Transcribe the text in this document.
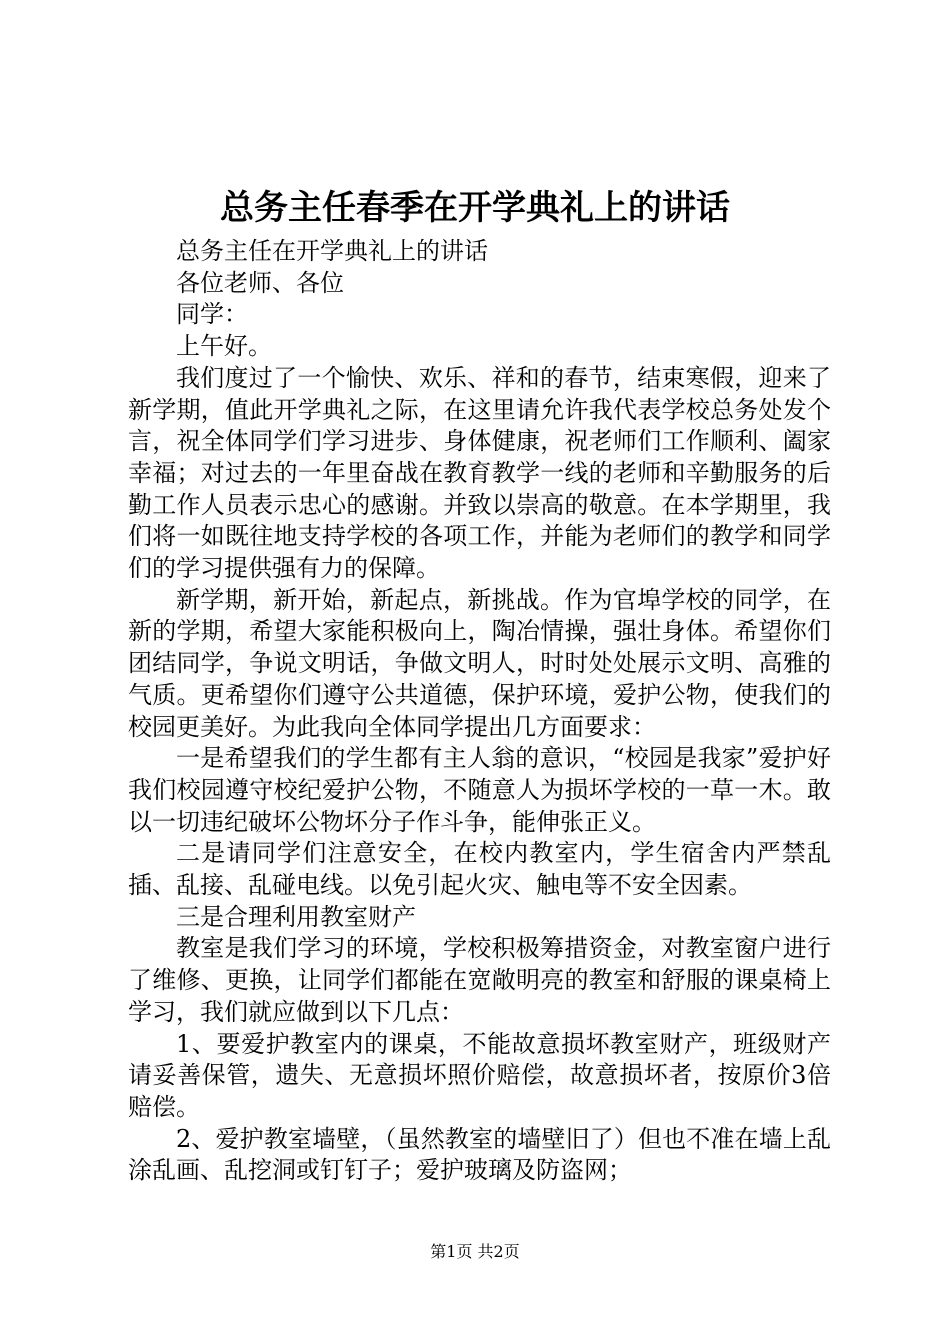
总务主任春季在开学典礼上的讲话

总务主任在开学典礼上的讲话

各位老师、各位

同学：

上午好。

我们度过了一个愉快、欢乐、祥和的春节，结束寒假，迎来了新学期，值此开学典礼之际，在这里请允许我代表学校总务处发个言，祝全体同学们学习进步、身体健康，祝老师们工作顺利、阖家幸福；对过去的一年里奋战在教育教学一线的老师和辛勤服务的后勤工作人员表示忠心的感谢。并致以崇高的敬意。在本学期里，我们将一如既往地支持学校的各项工作，并能为老师们的教学和同学们的学习提供强有力的保障。

新学期，新开始，新起点，新挑战。作为官埠学校的同学，在新的学期，希望大家能积极向上，陶冶情操，强壮身体。希望你们团结同学，争说文明话，争做文明人，时时处处展示文明、高雅的气质。更希望你们遵守公共道德，保护环境，爱护公物，使我们的校园更美好。为此我向全体同学提出几方面要求：

一是希望我们的学生都有主人翁的意识，“校园是我家”爱护好我们校园遵守校纪爱护公物，不随意人为损坏学校的一草一木。敢以一切违纪破坏公物坏分子作斗争，能伸张正义。

二是请同学们注意安全，在校内教室内，学生宿舍内严禁乱插、乱接、乱碰电线。以免引起火灾、触电等不安全因素。

三是合理利用教室财产

教室是我们学习的环境，学校积极筹措资金，对教室窗户进行了维修、更换，让同学们都能在宽敞明亮的教室和舒服的课桌椅上学习，我们就应做到以下几点：

1、要爱护教室内的课桌，不能故意损坏教室财产，班级财产请妥善保管，遗失、无意损坏照价赔偿，故意损坏者，按原价3倍赔偿。

2、爱护教室墙壁，（虽然教室的墙壁旧了）但也不准在墙上乱涂乱画、乱挖洞或钉钉子；爱护玻璃及防盗网；

第1页 共2页
